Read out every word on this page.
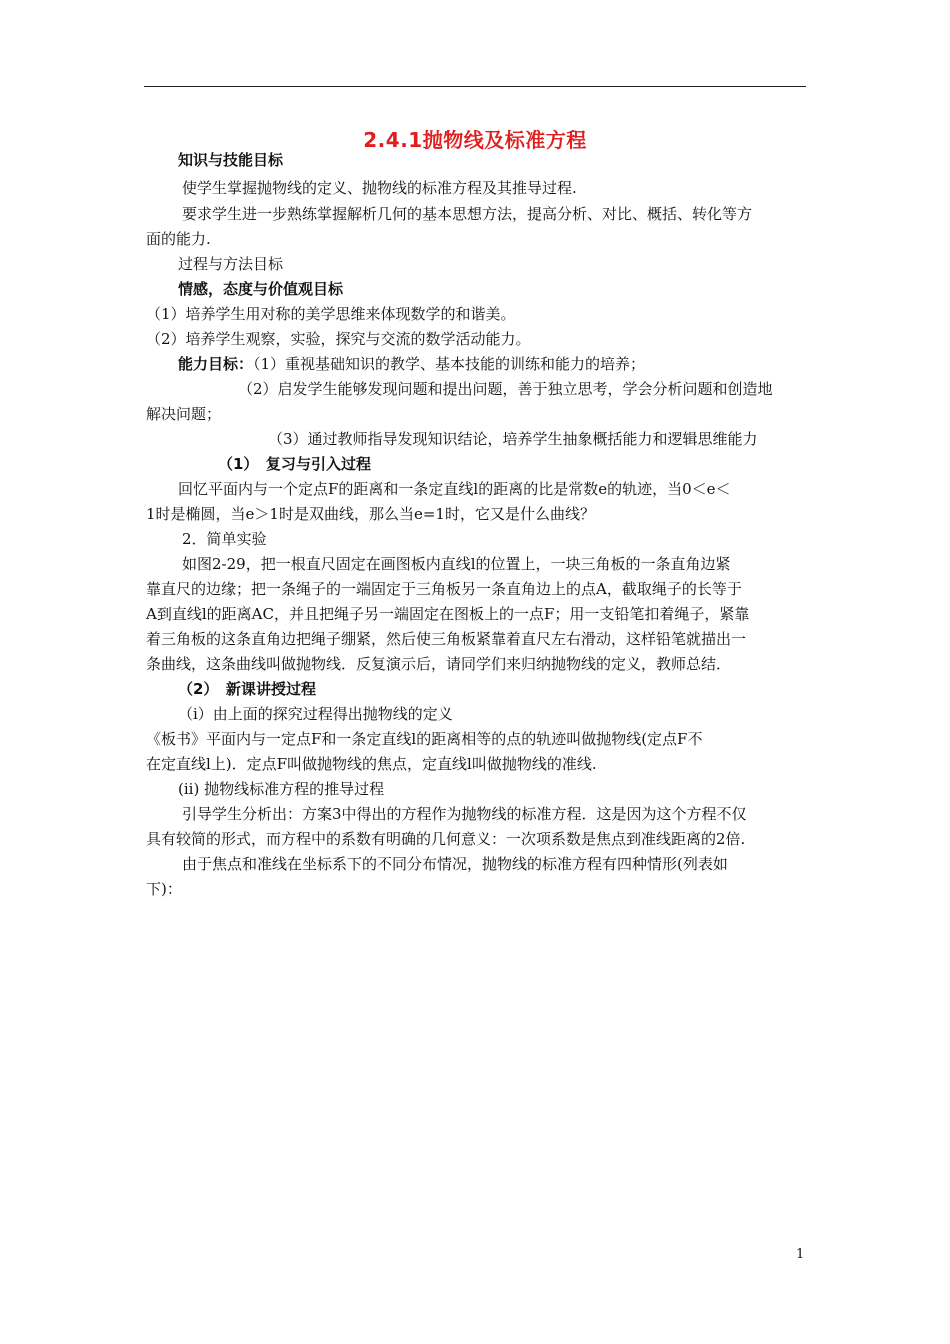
2.4.1抛物线及标准方程
知识与技能目标
使学生掌握抛物线的定义、抛物线的标准方程及其推导过程.
要求学生进一步熟练掌握解析几何的基本思想方法，提高分析、对比、概括、转化等方
面的能力.
过程与方法目标
情感，态度与价值观目标
（1）培养学生用对称的美学思维来体现数学的和谐美。
（2）培养学生观察，实验，探究与交流的数学活动能力。
能力目标：（1）重视基础知识的教学、基本技能的训练和能力的培养；
（2）启发学生能够发现问题和提出问题，善于独立思考，学会分析问题和创造地
解决问题；
（3）通过教师指导发现知识结论，培养学生抽象概括能力和逻辑思维能力
（1）　复习与引入过程
回忆平面内与一个定点F的距离和一条定直线l的距离的比是常数e的轨迹，当0＜e＜
1时是椭圆，当e＞1时是双曲线，那么当e=1时，它又是什么曲线？
2．简单实验
如图2-29，把一根直尺固定在画图板内直线l的位置上，一块三角板的一条直角边紧
靠直尺的边缘；把一条绳子的一端固定于三角板另一条直角边上的点A，截取绳子的长等于
A到直线l的距离AC，并且把绳子另一端固定在图板上的一点F；用一支铅笔扣着绳子，紧靠
着三角板的这条直角边把绳子绷紧，然后使三角板紧靠着直尺左右滑动，这样铅笔就描出一
条曲线，这条曲线叫做抛物线．反复演示后，请同学们来归纳抛物线的定义，教师总结．
（2）　新课讲授过程
（i）由上面的探究过程得出抛物线的定义
《板书》平面内与一定点F和一条定直线l的距离相等的点的轨迹叫做抛物线(定点F不
在定直线l上)．定点F叫做抛物线的焦点，定直线l叫做抛物线的准线.
(ii) 抛物线标准方程的推导过程
引导学生分析出：方案3中得出的方程作为抛物线的标准方程．这是因为这个方程不仅
具有较简的形式，而方程中的系数有明确的几何意义：一次项系数是焦点到准线距离的2倍.
由于焦点和准线在坐标系下的不同分布情况，抛物线的标准方程有四种情形(列表如
下)：
1
